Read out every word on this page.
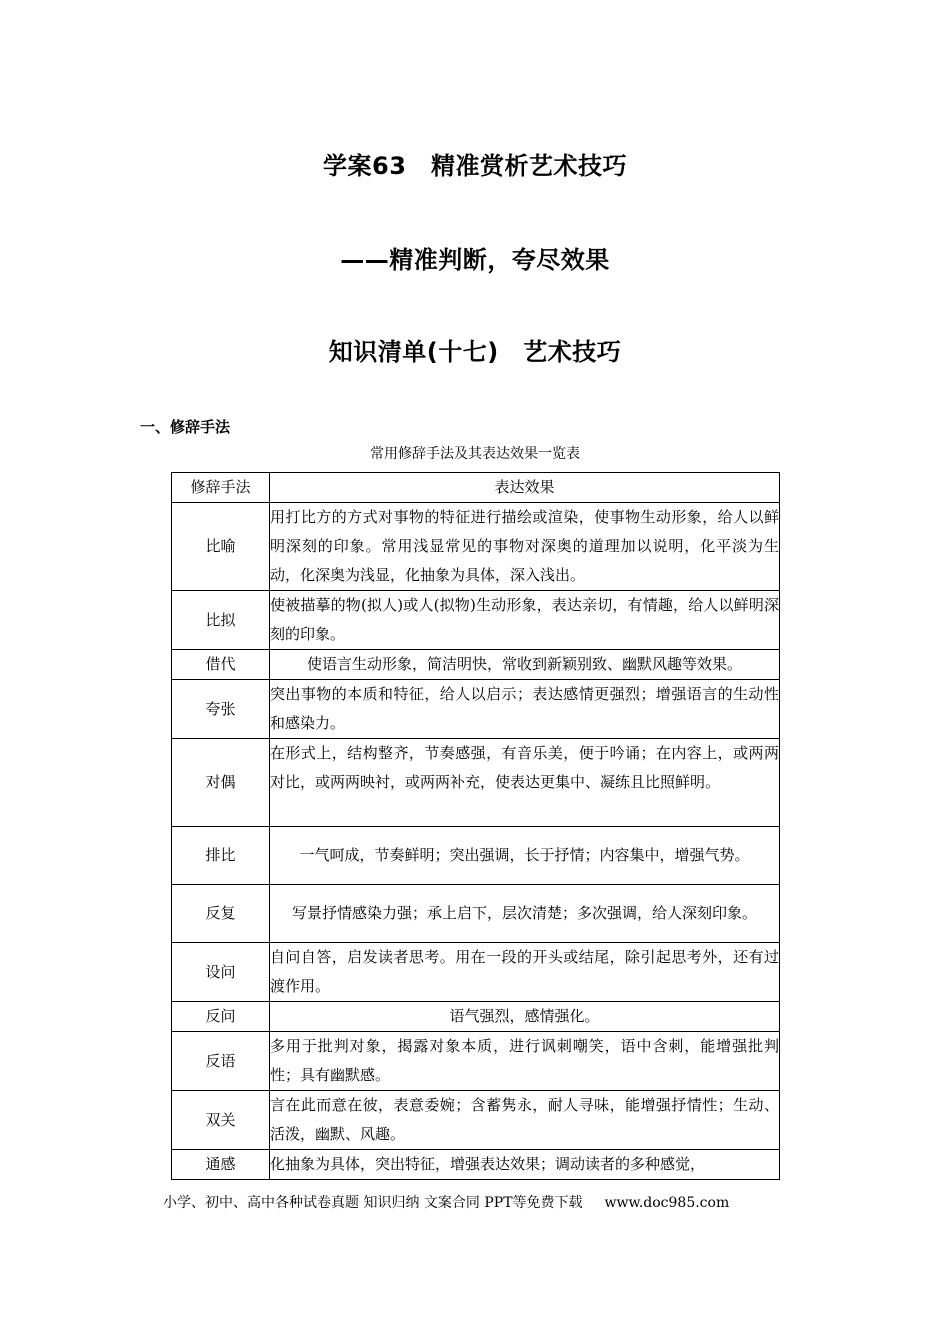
学案63　精准赏析艺术技巧
——精准判断，夸尽效果
知识清单(十七)　艺术技巧
一、修辞手法
常用修辞手法及其表达效果一览表
修辞手法	表达效果
比喻	用打比方的方式对事物的特征进行描绘或渲染，使事物生动形象，给人以鲜明深刻的印象。常用浅显常见的事物对深奥的道理加以说明，化平淡为生动，化深奥为浅显，化抽象为具体，深入浅出。
比拟	使被描摹的物(拟人)或人(拟物)生动形象，表达亲切，有情趣，给人以鲜明深刻的印象。
借代	使语言生动形象，简洁明快，常收到新颖别致、幽默风趣等效果。
夸张	突出事物的本质和特征，给人以启示；表达感情更强烈；增强语言的生动性和感染力。
对偶	在形式上，结构整齐，节奏感强，有音乐美，便于吟诵；在内容上，或两两对比，或两两映衬，或两两补充，使表达更集中、凝练且比照鲜明。
排比	一气呵成，节奏鲜明；突出强调，长于抒情；内容集中，增强气势。
反复	写景抒情感染力强；承上启下，层次清楚；多次强调，给人深刻印象。
设问	自问自答，启发读者思考。用在一段的开头或结尾，除引起思考外，还有过渡作用。
反问	语气强烈，感情强化。
反语	多用于批判对象，揭露对象本质，进行讽刺嘲笑，语中含刺，能增强批判性；具有幽默感。
双关	言在此而意在彼，表意委婉；含蓄隽永，耐人寻味，能增强抒情性；生动、活泼，幽默、风趣。
通感	化抽象为具体，突出特征，增强表达效果；调动读者的多种感觉，
小学、初中、高中各种试卷真题 知识归纳 文案合同 PPT等免费下载 www.doc985.com
